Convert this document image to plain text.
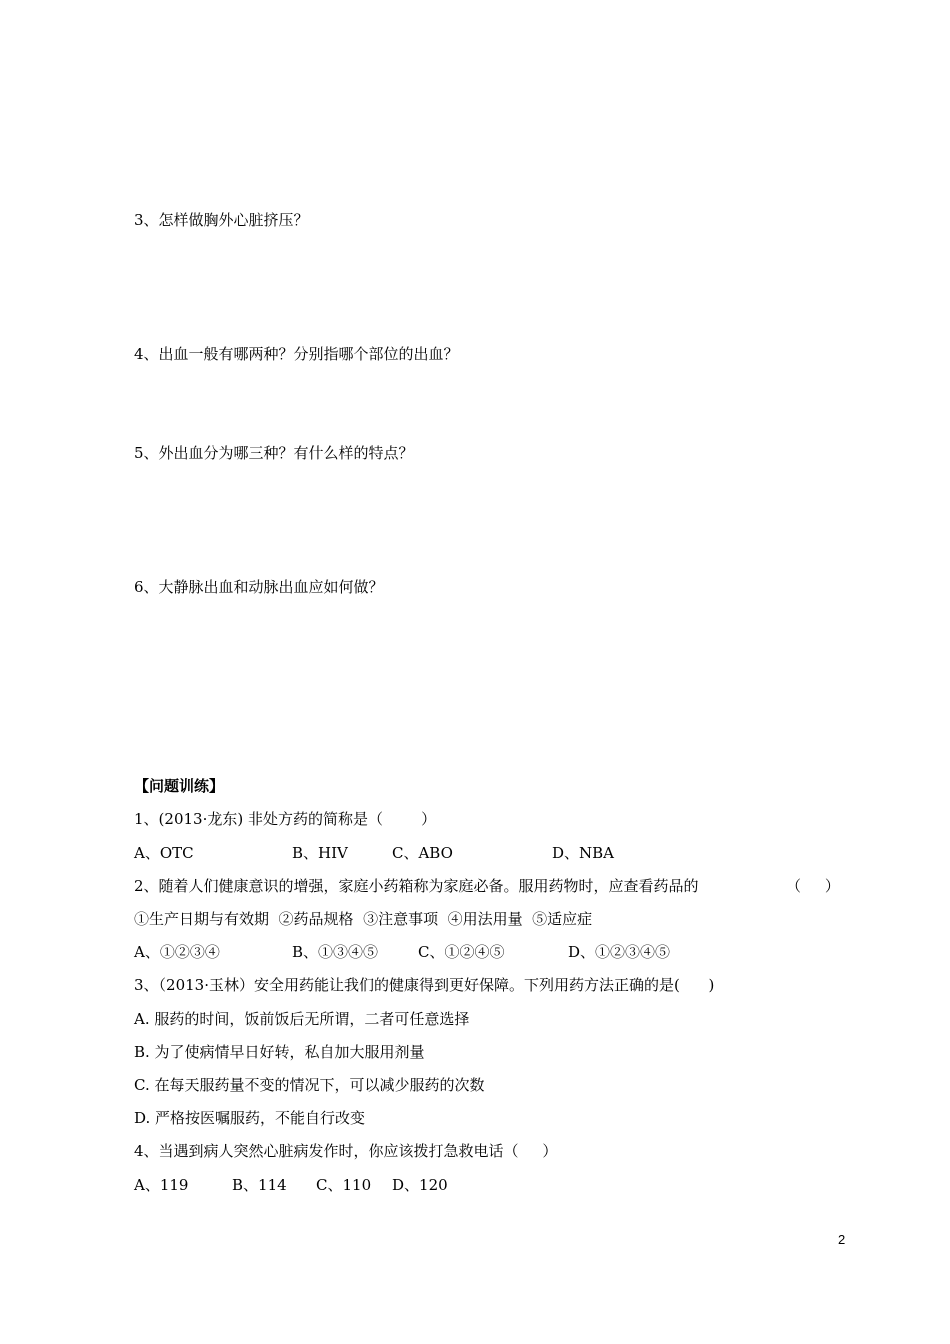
3、怎样做胸外心脏挤压？
4、出血一般有哪两种？分别指哪个部位的出血？
5、外出血分为哪三种？有什么样的特点？
6、大静脉出血和动脉出血应如何做？
【问题训练】
1、(2013·龙东) 非处方药的简称是（        ）
A、OTC	B、HIV	C、ABO	D、NBA
2、随着人们健康意识的增强，家庭小药箱称为家庭必备。服用药物时，应查看药品的	（     ）
①生产日期与有效期  ②药品规格  ③注意事项  ④用法用量  ⑤适应症
A、①②③④	B、①③④⑤	C、①②④⑤	D、①②③④⑤
3、（2013·玉林）安全用药能让我们的健康得到更好保障。下列用药方法正确的是(      )
A. 服药的时间，饭前饭后无所谓，二者可任意选择
B. 为了使病情早日好转，私自加大服用剂量
C. 在每天服药量不变的情况下，可以减少服药的次数
D. 严格按医嘱服药，不能自行改变
4、当遇到病人突然心脏病发作时，你应该拨打急救电话（     ）
A、119	B、114 C、110 D、120
2
